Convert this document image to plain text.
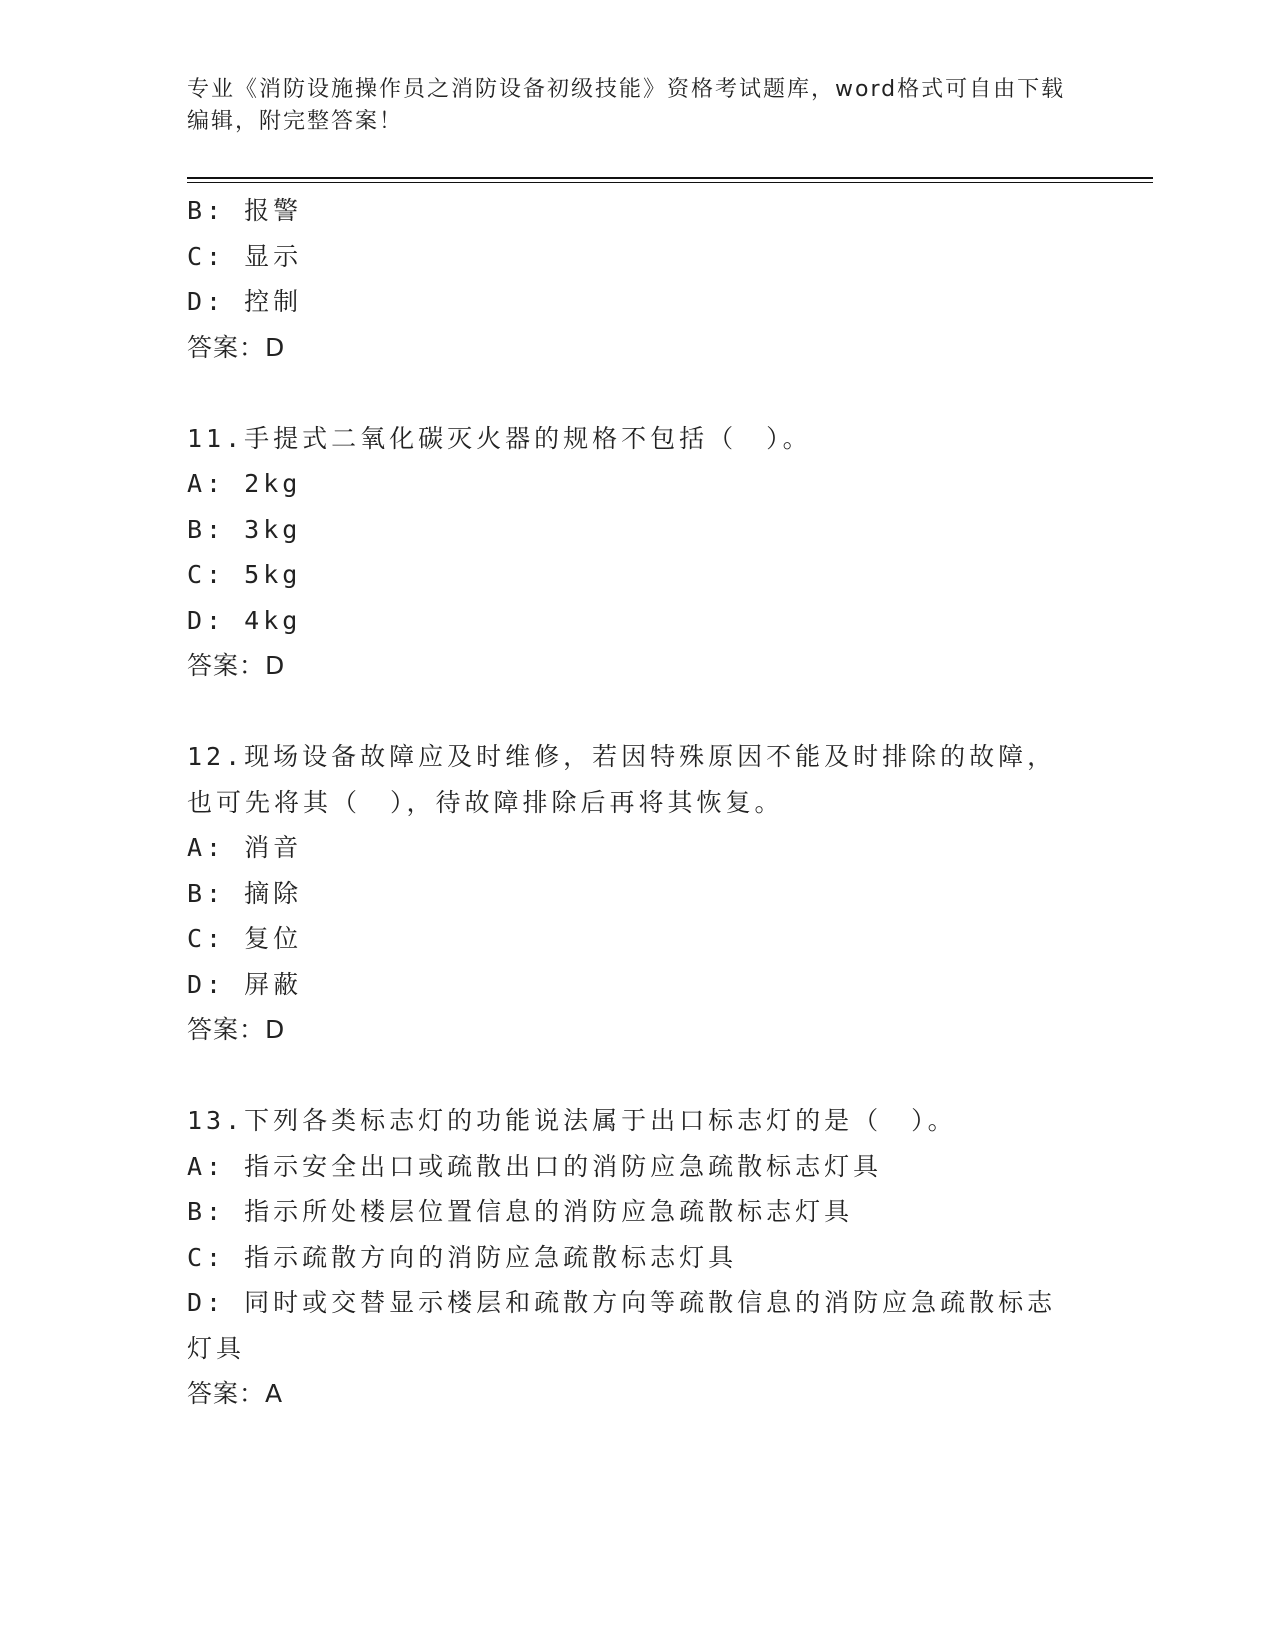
专业《消防设施操作员之消防设备初级技能》资格考试题库，word格式可自由下载编辑，附完整答案！
B: 报警
C: 显示
D: 控制
答案：D
11.手提式二氧化碳灭火器的规格不包括（　）。
A: 2kg
B: 3kg
C: 5kg
D: 4kg
答案：D
12.现场设备故障应及时维修，若因特殊原因不能及时排除的故障，也可先将其（　），待故障排除后再将其恢复。
A: 消音
B: 摘除
C: 复位
D: 屏蔽
答案：D
13.下列各类标志灯的功能说法属于出口标志灯的是（　）。
A: 指示安全出口或疏散出口的消防应急疏散标志灯具
B: 指示所处楼层位置信息的消防应急疏散标志灯具
C: 指示疏散方向的消防应急疏散标志灯具
D: 同时或交替显示楼层和疏散方向等疏散信息的消防应急疏散标志灯具
答案：A
